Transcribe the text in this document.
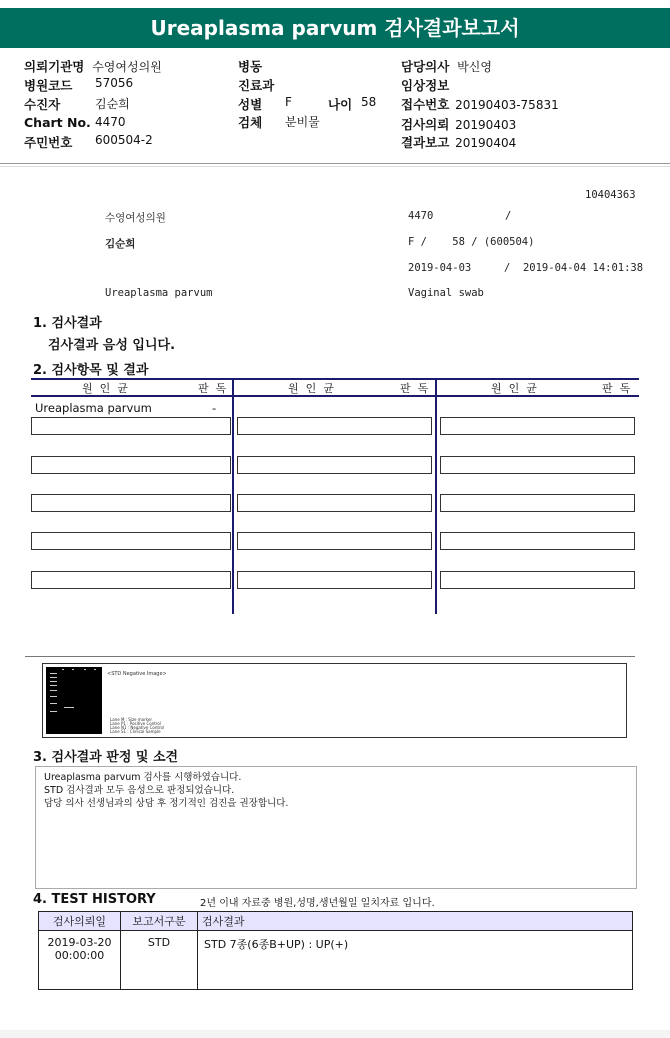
Ureaplasma parvum 검사결과보고서
의뢰기관명 수영여성의원	병동	담당의사 박신영
병원코드 57056	진료과	임상정보
수진자	김순희	성별 F	나이 58 접수번호 20190403-75831
Chart No. 4470	검체 분비물	검사의뢰 20190403
주민번호 600504-2	결과보고 20190404
10404363
수영여성의원	4470	/
김순희	F /    58 / (600504)
2019-04-03	/  2019-04-04 14:01:38
Ureaplasma parvum	Vaginal swab
1. 검사결과
검사결과 음성 입니다.
2. 검사항목 및 결과
원  인  균	판  독	원  인  균	판  독	원  인  균	판  독
Ureaplasma parvum	-
<STD Negative Image>
Lane M : Size marker
Lane P1 : Positive Control
Lane N1 : Negative Control
Lane S1 : Clinical Sample
3. 검사결과 판정 및 소견
Ureaplasma parvum 검사를 시행하였습니다.
STD 검사결과 모두 음성으로 판정되었습니다.
담당 의사 선생님과의 상담 후 정기적인 검진을 권장합니다.
4. TEST HISTORY	2년 이내 자료중 병원,성명,생년월일 일치자료 입니다.
검사의뢰일	보고서구분	검사결과

2019-03-20
00:00:00	STD	STD 7종(6종B+UP) : UP(+)
